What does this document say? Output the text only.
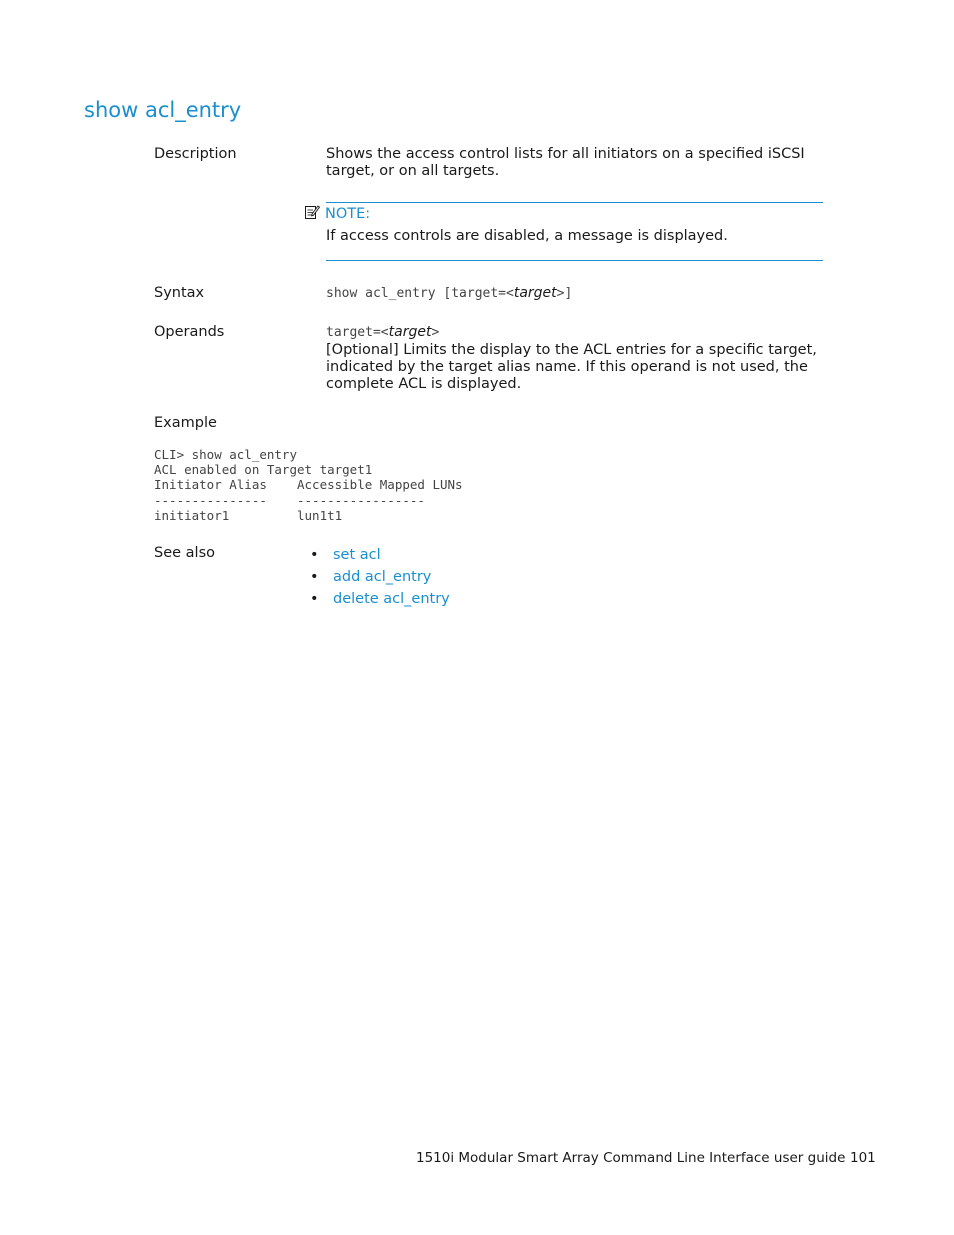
show acl_entry
Description	Shows the access control lists for all initiators on a specified iSCSI target, or on all targets.
NOTE:
If access controls are disabled, a message is displayed.
Syntax	show acl_entry [target=<target>]
Operands	target=<target>
[Optional] Limits the display to the ACL entries for a specific target, indicated by the target alias name. If this operand is not used, the complete ACL is displayed.
Example
CLI> show acl_entry
ACL enabled on Target target1
Initiator Alias    Accessible Mapped LUNs
---------------    -----------------
initiator1         lun1t1
See also	• set acl
• add acl_entry
• delete acl_entry
1510i Modular Smart Array Command Line Interface user guide 101
